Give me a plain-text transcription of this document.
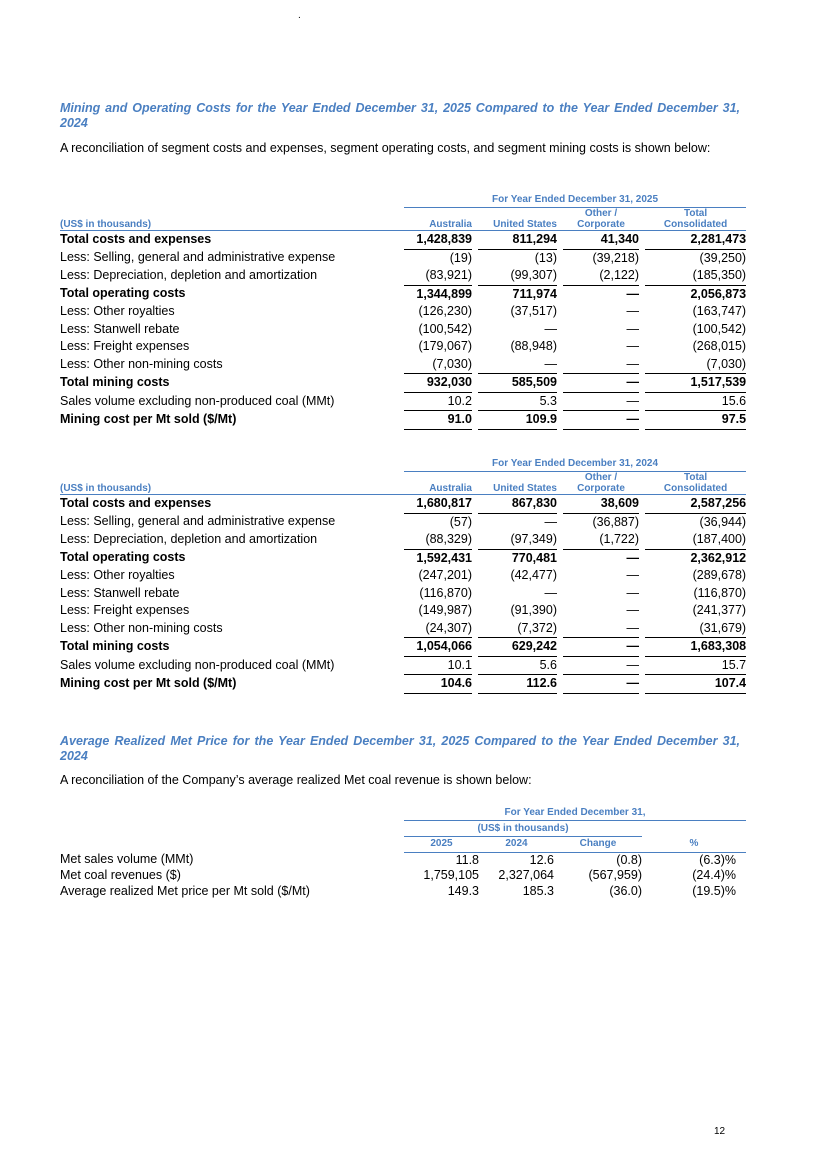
.
Mining and Operating Costs for the Year Ended December 31, 2025 Compared to the Year Ended December 31, 2024
A reconciliation of segment costs and expenses, segment operating costs, and segment mining costs is shown below:
	For Year Ended December 31, 2025						
					Other /		Total
(US$ in thousands)	Australia		United States		Corporate		Consolidated
Total costs and expenses	1,428,839		811,294		41,340		2,281,473
Less: Selling, general and administrative expense	(19)		(13)		(39,218)		(39,250)
Less: Depreciation, depletion and amortization	(83,921)		(99,307)		(2,122)		(185,350)
Total operating costs	1,344,899		711,974		—		2,056,873
Less: Other royalties	(126,230)		(37,517)		—		(163,747)
Less: Stanwell rebate	(100,542)		—		—		(100,542)
Less: Freight expenses	(179,067)		(88,948)		—		(268,015)
Less: Other non-mining costs	(7,030)		—		—		(7,030)
Total mining costs	932,030		585,509		—		1,517,539
Sales volume excluding non-produced coal (MMt)	10.2		5.3		—		15.6
Mining cost per Mt sold ($/Mt)	91.0		109.9		—		97.5
	For Year Ended December 31, 2024						
					Other /		Total
(US$ in thousands)	Australia		United States		Corporate		Consolidated
Total costs and expenses	1,680,817		867,830		38,609		2,587,256
Less: Selling, general and administrative expense	(57)		—		(36,887)		(36,944)
Less: Depreciation, depletion and amortization	(88,329)		(97,349)		(1,722)		(187,400)
Total operating costs	1,592,431		770,481		—		2,362,912
Less: Other royalties	(247,201)		(42,477)		—		(289,678)
Less: Stanwell rebate	(116,870)		—		—		(116,870)
Less: Freight expenses	(149,987)		(91,390)		—		(241,377)
Less: Other non-mining costs	(24,307)		(7,372)		—		(31,679)
Total mining costs	1,054,066		629,242		—		1,683,308
Sales volume excluding non-produced coal (MMt)	10.1		5.6		—		15.7
Mining cost per Mt sold ($/Mt)	104.6		112.6		—		107.4
Average Realized Met Price for the Year Ended December 31, 2025 Compared to the Year Ended December 31, 2024
A reconciliation of the Company’s average realized Met coal revenue is shown below:
	For Year Ended December 31,			
	(US$ in thousands)			
	2025	2024	Change	%
Met sales volume (MMt)	11.8	12.6	(0.8)	(6.3)%
Met coal revenues ($)	1,759,105	2,327,064	(567,959)	(24.4)%
Average realized Met price per Mt sold ($/Mt)	149.3	185.3	(36.0)	(19.5)%
12
